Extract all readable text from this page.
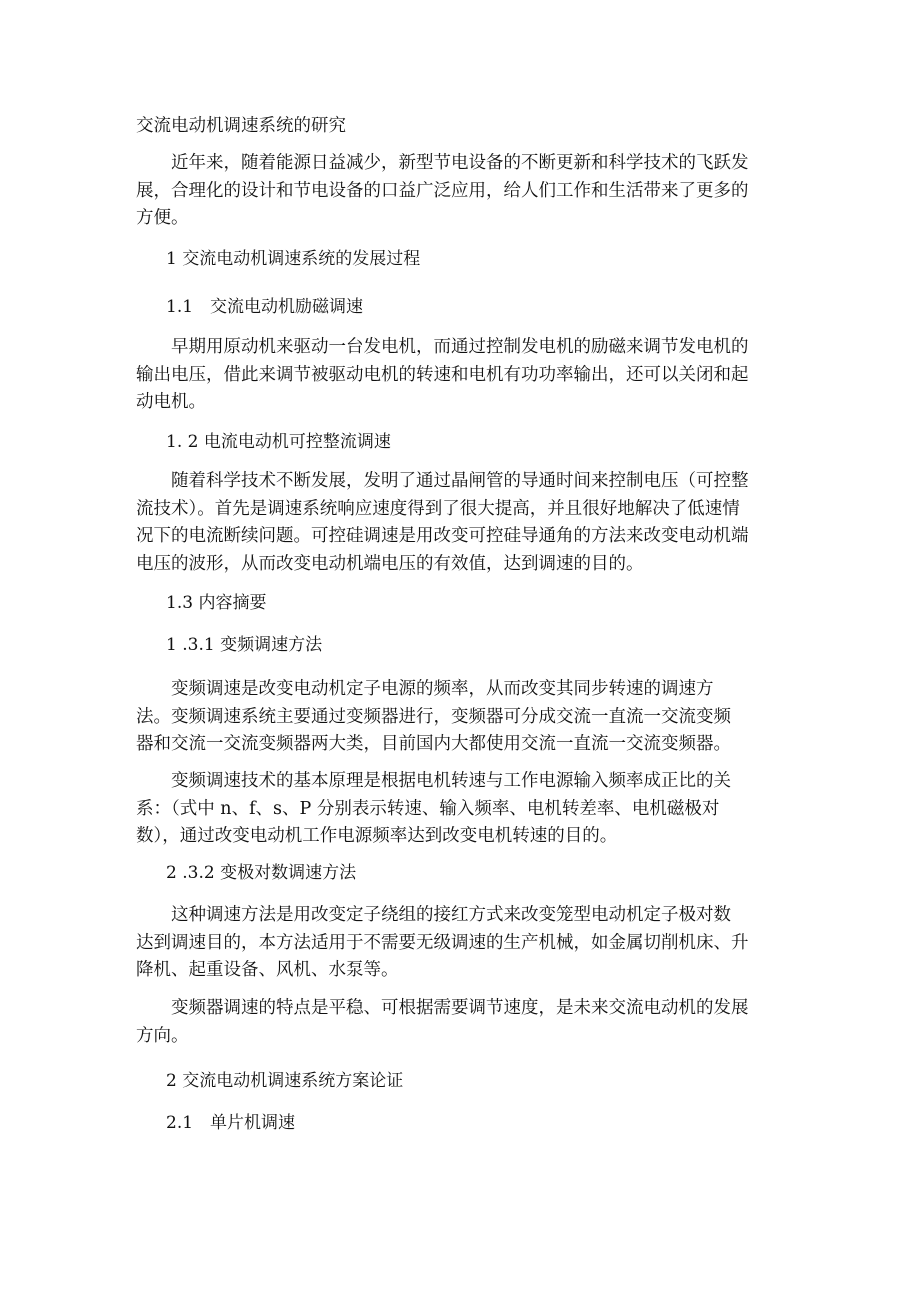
交流电动机调速系统的研究
近年来，随着能源日益减少，新型节电设备的不断更新和科学技术的飞跃发
展，合理化的设计和节电设备的口益广泛应用，给人们工作和生活带来了更多的
方便。
1 交流电动机调速系统的发展过程
1.1　交流电动机励磁调速
早期用原动机来驱动一台发电机，而通过控制发电机的励磁来调节发电机的
输出电压，借此来调节被驱动电机的转速和电机有功功率输出，还可以关闭和起
动电机。
1. 2 电流电动机可控整流调速
随着科学技术不断发展，发明了通过晶闸管的导通时间来控制电压（可控整
流技术）。首先是调速系统响应速度得到了很大提高，并且很好地解决了低速情
况下的电流断续问题。可控硅调速是用改变可控硅导通角的方法来改变电动机端
电压的波形，从而改变电动机端电压的有效值，达到调速的目的。
1.3 内容摘要
1 .3.1 变频调速方法
变频调速是改变电动机定子电源的频率，从而改变其同步转速的调速方
法。变频调速系统主要通过变频器进行，变频器可分成交流一直流一交流变频
器和交流一交流变频器两大类，目前国内大都使用交流一直流一交流变频器。
变频调速技术的基本原理是根据电机转速与工作电源输入频率成正比的关
系：（式中 n、f、s、P 分别表示转速、输入频率、电机转差率、电机磁极对
数），通过改变电动机工作电源频率达到改变电机转速的目的。
2 .3.2 变极对数调速方法
这种调速方法是用改变定子绕组的接红方式来改变笼型电动机定子极对数
达到调速目的，本方法适用于不需要无级调速的生产机械，如金属切削机床、升
降机、起重设备、风机、水泵等。
变频器调速的特点是平稳、可根据需要调节速度，是未来交流电动机的发展
方向。
2 交流电动机调速系统方案论证
2.1　单片机调速
